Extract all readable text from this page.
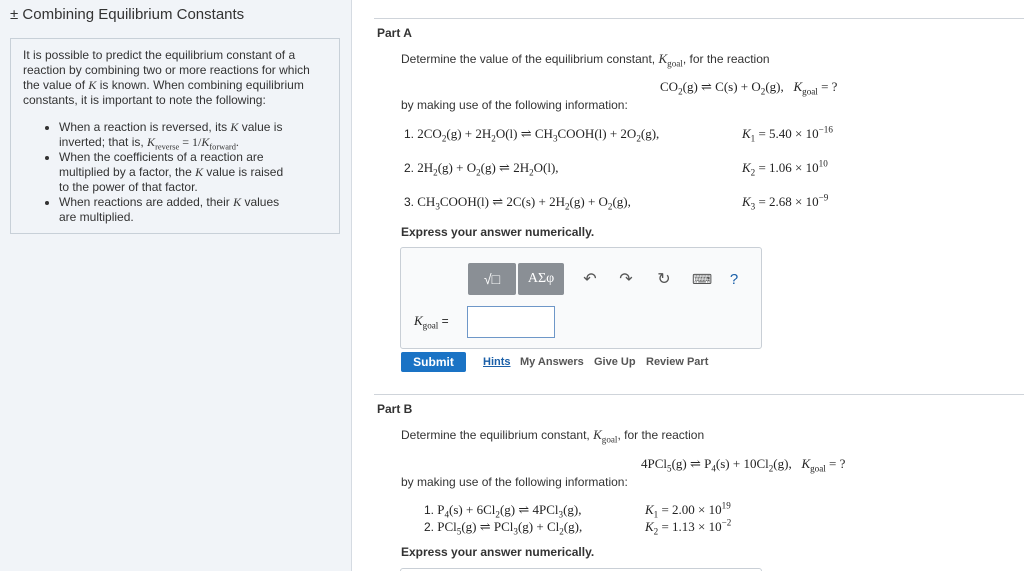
± Combining Equilibrium Constants

It is possible to predict the equilibrium constant of a
reaction by combining two or more reactions for which
the value of K is known. When combining equilibrium
constants, it is important to note the following:

• When a reaction is reversed, its K value is
inverted; that is, $K_{reverse} = 1/K_{forward}$.
• When the coefficients of a reaction are
multiplied by a factor, the K value is raised
to the power of that factor.
• When reactions are added, their K values
are multiplied.
Part A
Determine the value of the equilibrium constant, $K_{goal}$, for the reaction
$CO_2(g)$ ⇌ $C(s) + O_2(g)$,   $K_{goal}$ = ?
by making use of the following information:
1. $2CO_2(g) + 2H_2O(l)$ ⇌ $CH_3COOH(l) + 2O_2(g)$,	$K_1 = 5.40 \times 10^{-16}$
2. $2H_2(g) + O_2(g)$ ⇌ $2H_2O(l)$,	$K_2 = 1.06 \times 10^{10}$
3. $CH_3COOH(l)$ ⇌ $2C(s) + 2H_2(g) + O_2(g)$,	$K_3 = 2.68 \times 10^{-9}$
Express your answer numerically.
√□ ΑΣφ ↶ ↷ ↻ ⌨ ?
$K_{goal}$ =
Submit	Hints My Answers Give Up Review Part
Part B
Determine the equilibrium constant, $K_{goal}$, for the reaction
4PCl$_5$(g) ⇌ $P_4(s) + 10Cl_2(g)$,   $K_{goal}$ = ?
by making use of the following information:
1. $P_4(s) + 6Cl_2(g)$ ⇌ 4PCl$_3$(g),	$K_1 = 2.00 \times 10^{19}$
2. PCl$_5$(g) ⇌ $PCl_3(g) + Cl_2(g)$,	$K_2 = 1.13 \times 10^{-2}$
Express your answer numerically.
